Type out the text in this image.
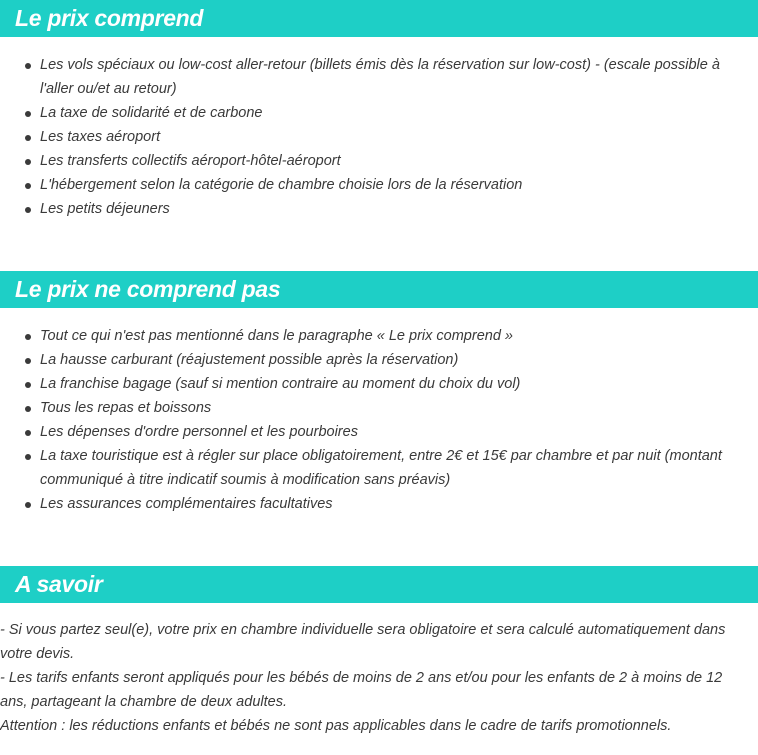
Le prix comprend
Les vols spéciaux ou low-cost aller-retour (billets émis dès la réservation sur low-cost) - (escale possible à l'aller ou/et au retour)
La taxe de solidarité et de carbone
Les taxes aéroport
Les transferts collectifs aéroport-hôtel-aéroport
L'hébergement selon la catégorie de chambre choisie lors de la réservation
Les petits déjeuners
Le prix ne comprend pas
Tout ce qui n'est pas mentionné dans le paragraphe « Le prix comprend »
La hausse carburant (réajustement possible après la réservation)
La franchise bagage (sauf si mention contraire au moment du choix du vol)
Tous les repas et boissons
Les dépenses d'ordre personnel et les pourboires
La taxe touristique est à régler sur place obligatoirement, entre 2€ et 15€ par chambre et par nuit (montant communiqué à titre indicatif soumis à modification sans préavis)
Les assurances complémentaires facultatives
A savoir

- Si vous partez seul(e), votre prix en chambre individuelle sera obligatoire et sera calculé automatiquement dans votre devis.

- Les tarifs enfants seront appliqués pour les bébés de moins de 2 ans et/ou pour les enfants de 2 à moins de 12 ans, partageant la chambre de deux adultes.

Attention : les réductions enfants et bébés ne sont pas applicables dans le cadre de tarifs promotionnels.
